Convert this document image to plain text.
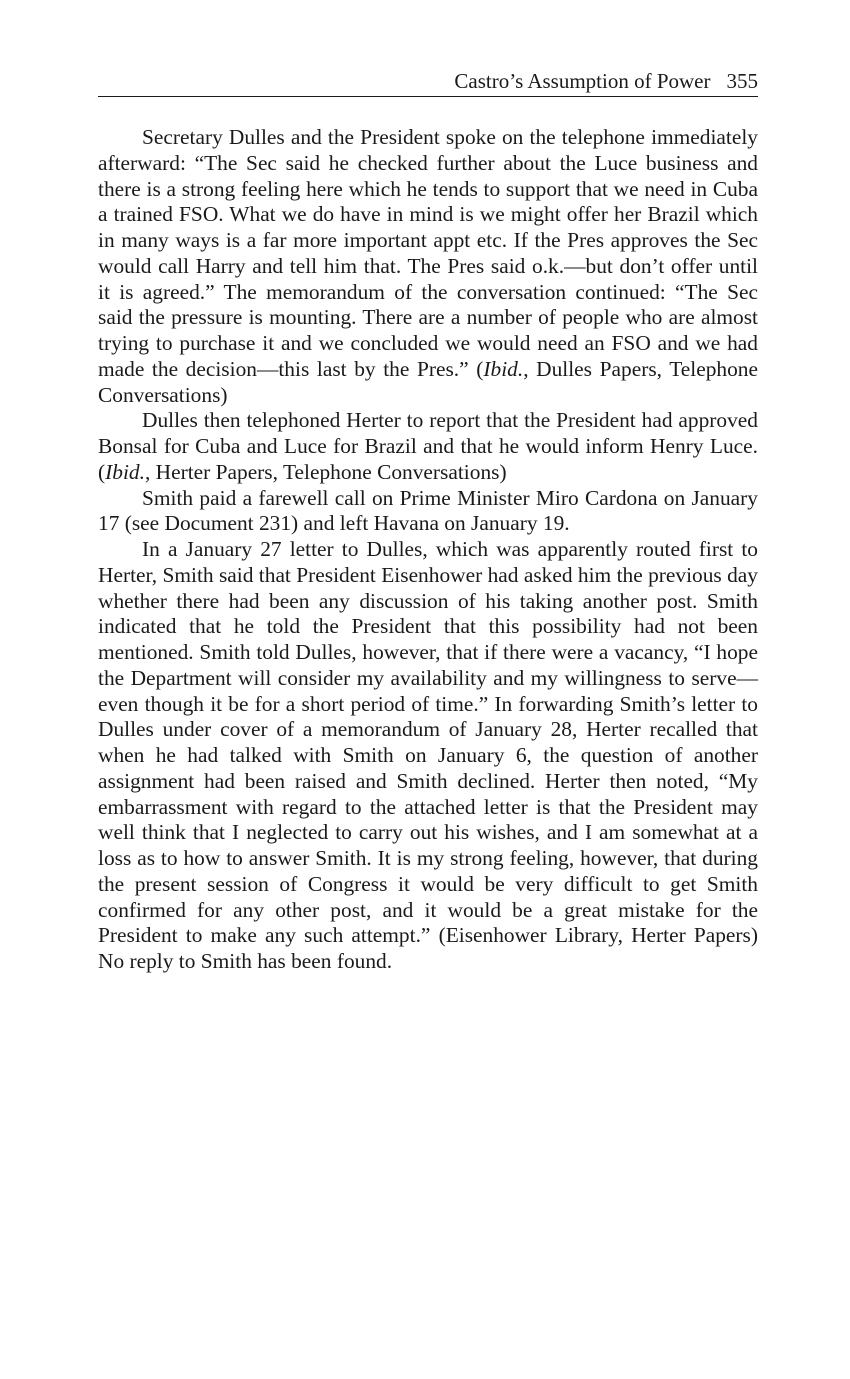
Castro’s Assumption of Power 355

Secretary Dulles and the President spoke on the telephone immediately afterward: “The Sec said he checked further about the Luce business and there is a strong feeling here which he tends to support that we need in Cuba a trained FSO. What we do have in mind is we might offer her Brazil which in many ways is a far more important appt etc. If the Pres approves the Sec would call Harry and tell him that. The Pres said o.k.—but don’t offer until it is agreed.” The memorandum of the conversation continued: “The Sec said the pressure is mounting. There are a number of people who are almost trying to purchase it and we concluded we would need an FSO and we had made the decision—this last by the Pres.” (Ibid., Dulles Papers, Telephone Conversations)

Dulles then telephoned Herter to report that the President had approved Bonsal for Cuba and Luce for Brazil and that he would inform Henry Luce. (Ibid., Herter Papers, Telephone Conversations)

Smith paid a farewell call on Prime Minister Miro Cardona on January 17 (see Document 231) and left Havana on January 19.

In a January 27 letter to Dulles, which was apparently routed first to Herter, Smith said that President Eisenhower had asked him the previous day whether there had been any discussion of his taking another post. Smith indicated that he told the President that this possibility had not been mentioned. Smith told Dulles, however, that if there were a vacancy, “I hope the Department will consider my availability and my willingness to serve—even though it be for a short period of time.” In forwarding Smith’s letter to Dulles under cover of a memorandum of January 28, Herter recalled that when he had talked with Smith on January 6, the question of another assignment had been raised and Smith declined. Herter then noted, “My embarrassment with regard to the attached letter is that the President may well think that I neglected to carry out his wishes, and I am somewhat at a loss as to how to answer Smith. It is my strong feeling, however, that during the present session of Congress it would be very difficult to get Smith confirmed for any other post, and it would be a great mistake for the President to make any such attempt.” (Eisenhower Library, Herter Papers) No reply to Smith has been found.
